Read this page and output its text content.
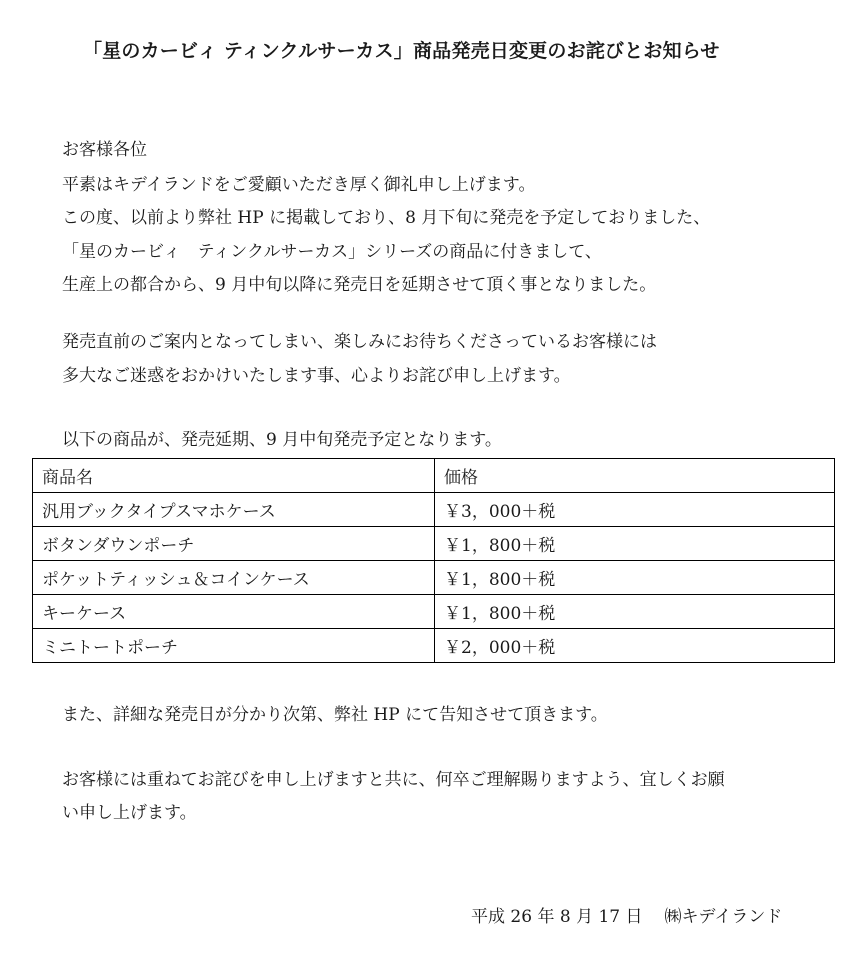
「星のカービィ ティンクルサーカス」商品発売日変更のお詫びとお知らせ
お客様各位
平素はキデイランドをご愛顧いただき厚く御礼申し上げます。
この度、以前より弊社 HP に掲載しており、8 月下旬に発売を予定しておりました、
「星のカービィ　ティンクルサーカス」シリーズの商品に付きまして、
生産上の都合から、9 月中旬以降に発売日を延期させて頂く事となりました。
発売直前のご案内となってしまい、楽しみにお待ちくださっているお客様には
多大なご迷惑をおかけいたします事、心よりお詫び申し上げます。
以下の商品が、発売延期、9 月中旬発売予定となります。
商品名	価格
汎用ブックタイプスマホケース	￥3，000＋税
ボタンダウンポーチ	￥1，800＋税
ポケットティッシュ＆コインケース	￥1，800＋税
キーケース	￥1，800＋税
ミニトートポーチ	￥2，000＋税
また、詳細な発売日が分かり次第、弊社 HP にて告知させて頂きます。
お客様には重ねてお詫びを申し上げますと共に、何卒ご理解賜りますよう、宜しくお願
い申し上げます。
平成 26 年 8 月 17 日 ㈱キデイランド
